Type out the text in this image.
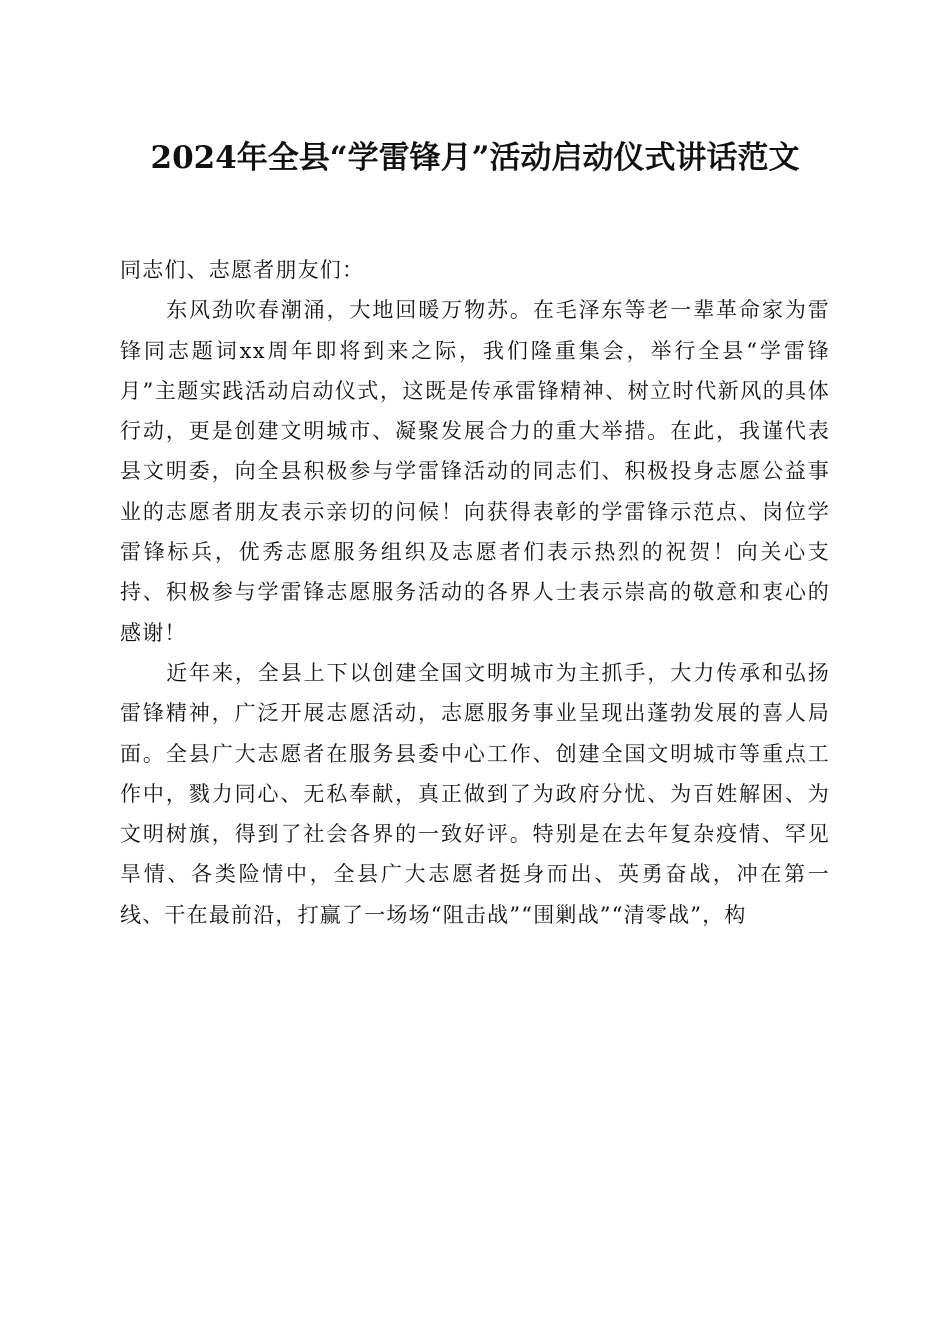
2024年全县“学雷锋月”活动启动仪式讲话范文

同志们、志愿者朋友们：

东风劲吹春潮涌，大地回暖万物苏。在毛泽东等老一辈革命家为雷锋同志题词xx周年即将到来之际，我们隆重集会，举行全县“学雷锋月”主题实践活动启动仪式，这既是传承雷锋精神、树立时代新风的具体行动，更是创建文明城市、凝聚发展合力的重大举措。在此，我谨代表县文明委，向全县积极参与学雷锋活动的同志们、积极投身志愿公益事业的志愿者朋友表示亲切的问候！向获得表彰的学雷锋示范点、岗位学雷锋标兵，优秀志愿服务组织及志愿者们表示热烈的祝贺！向关心支持、积极参与学雷锋志愿服务活动的各界人士表示崇高的敬意和衷心的感谢！

近年来，全县上下以创建全国文明城市为主抓手，大力传承和弘扬雷锋精神，广泛开展志愿活动，志愿服务事业呈现出蓬勃发展的喜人局面。全县广大志愿者在服务县委中心工作、创建全国文明城市等重点工作中，戮力同心、无私奉献，真正做到了为政府分忧、为百姓解困、为文明树旗，得到了社会各界的一致好评。特别是在去年复杂疫情、罕见旱情、各类险情中，全县广大志愿者挺身而出、英勇奋战，冲在第一线、干在最前沿，打赢了一场场“阻击战”“围剿战”“清零战”，构
